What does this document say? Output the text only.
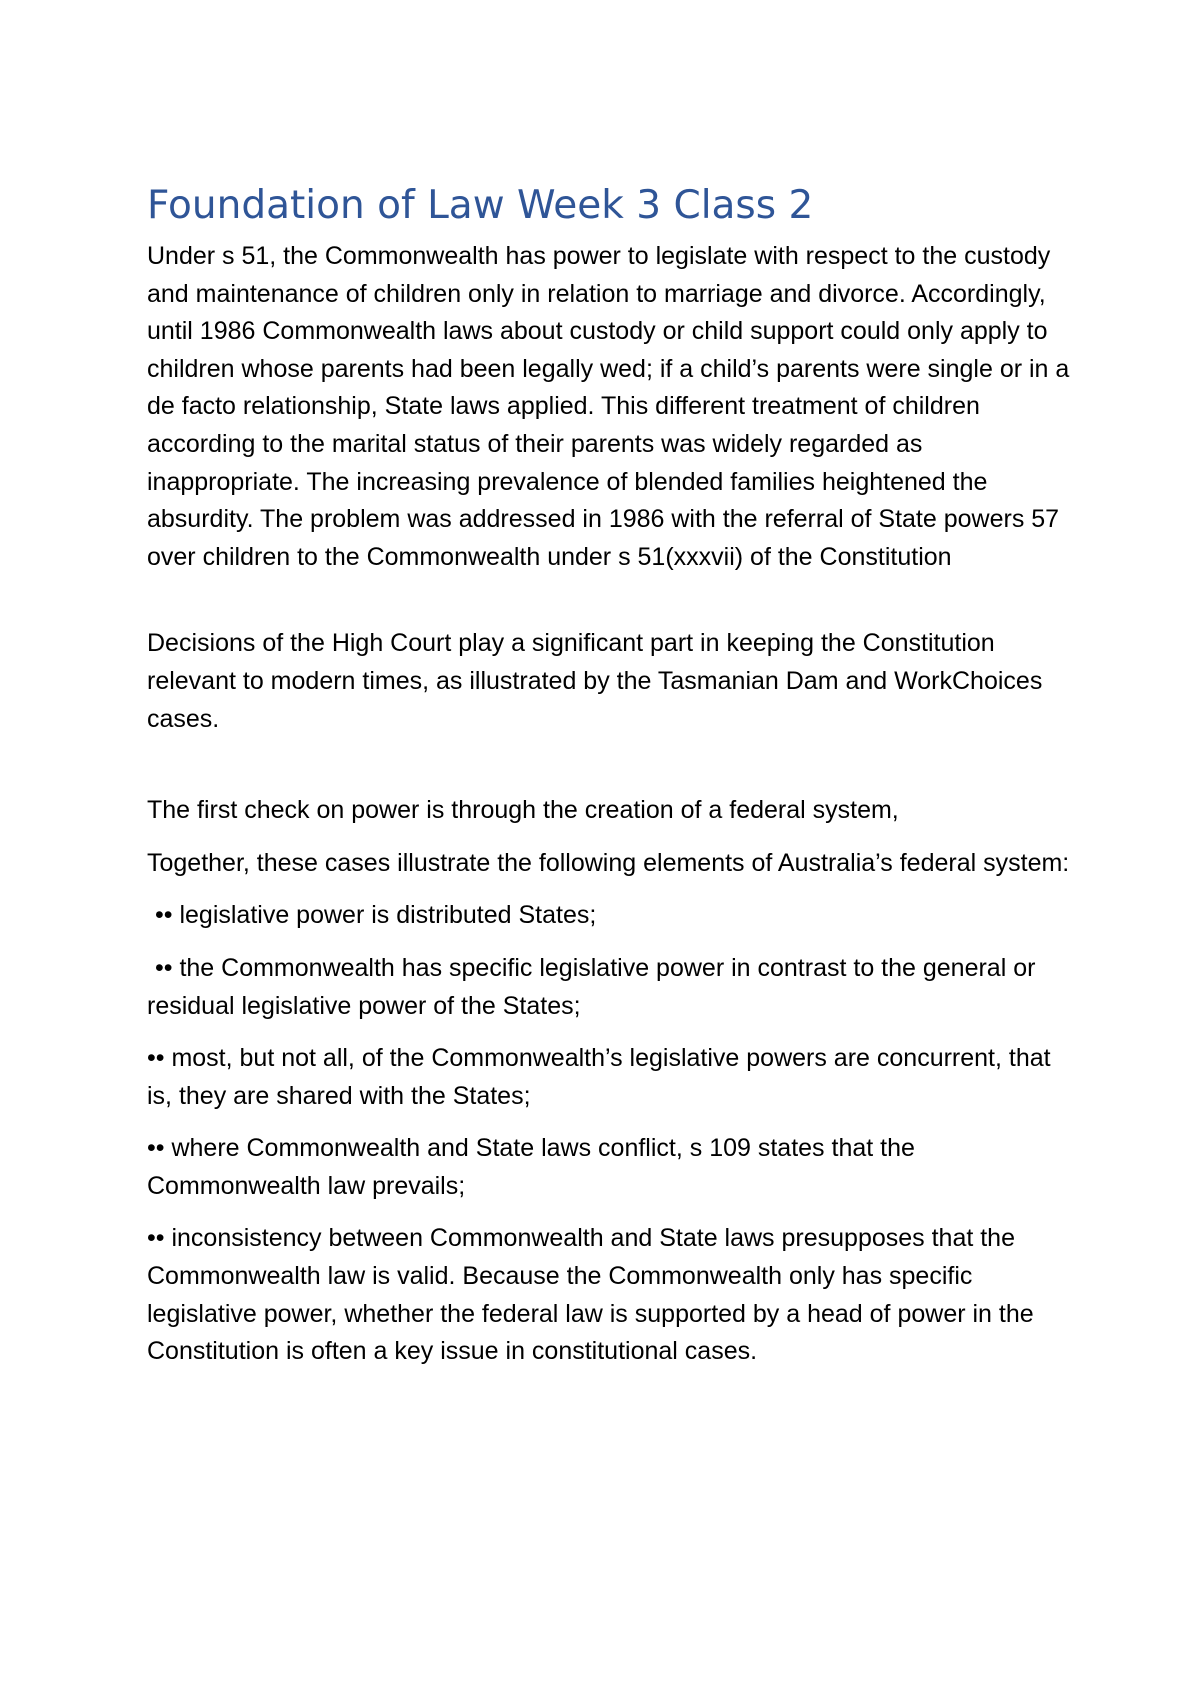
Foundation of Law Week 3 Class 2

Under s 51, the Commonwealth has power to legislate with respect to the custody and maintenance of children only in relation to marriage and divorce. Accordingly, until 1986 Commonwealth laws about custody or child support could only apply to children whose parents had been legally wed; if a child’s parents were single or in a de facto relationship, State laws applied. This different treatment of children according to the marital status of their parents was widely regarded as inappropriate. The increasing prevalence of blended families heightened the absurdity. The problem was addressed in 1986 with the referral of State powers 57 over children to the Commonwealth under s 51(xxxvii) of the Constitution

Decisions of the High Court play a significant part in keeping the Constitution relevant to modern times, as illustrated by the Tasmanian Dam and WorkChoices cases.

The first check on power is through the creation of a federal system,

Together, these cases illustrate the following elements of Australia’s federal system:

•• legislative power is distributed States;

•• the Commonwealth has specific legislative power in contrast to the general or residual legislative power of the States;

•• most, but not all, of the Commonwealth’s legislative powers are concurrent, that is, they are shared with the States;

•• where Commonwealth and State laws conflict, s 109 states that the Commonwealth law prevails;

•• inconsistency between Commonwealth and State laws presupposes that the Commonwealth law is valid. Because the Commonwealth only has specific legislative power, whether the federal law is supported by a head of power in the Constitution is often a key issue in constitutional cases.
